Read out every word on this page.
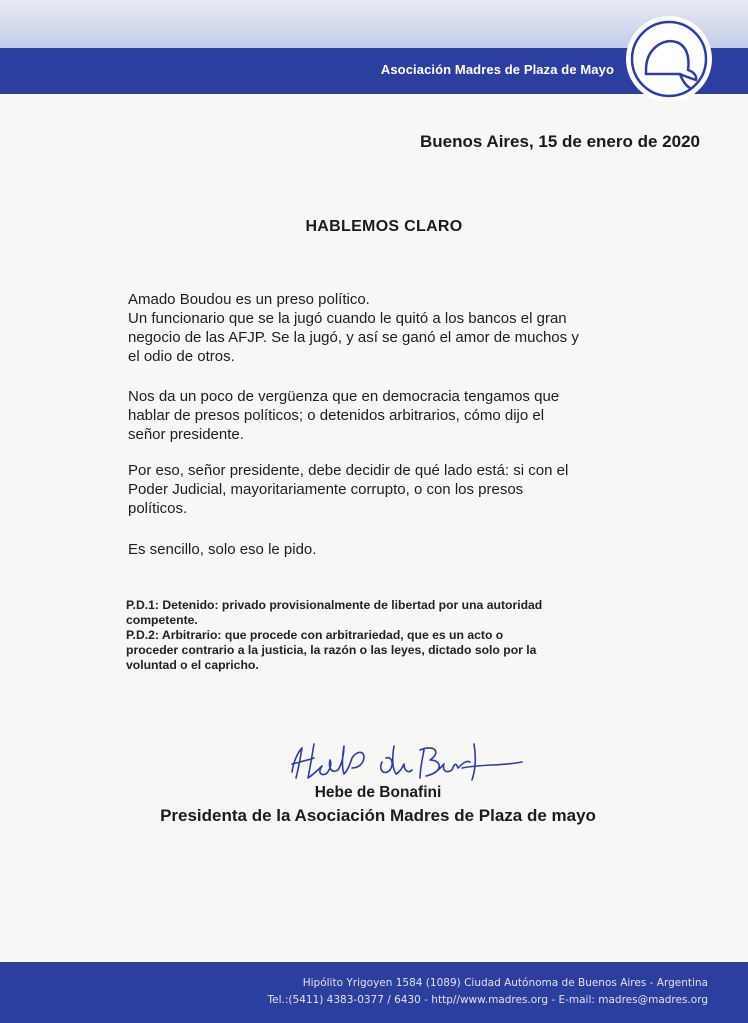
Asociación Madres de Plaza de Mayo
Buenos Aires, 15 de enero de 2020
HABLEMOS CLARO
Amado Boudou es un preso político.
Un funcionario que se la jugó cuando le quitó a los bancos el gran
negocio de las AFJP. Se la jugó, y así se ganó el amor de muchos y
el odio de otros.
Nos da un poco de vergüenza que en democracia tengamos que
hablar de presos políticos; o detenidos arbitrarios, cómo dijo el
señor presidente.
Por eso, señor presidente, debe decidir de qué lado está: si con el
Poder Judicial, mayoritariamente corrupto, o con los presos
políticos.
Es sencillo, solo eso le pido.
P.D.1: Detenido: privado provisionalmente de libertad por una autoridad
competente.
P.D.2: Arbitrario: que procede con arbitrariedad, que es un acto o
proceder contrario a la justicia, la razón o las leyes, dictado solo por la
voluntad o el capricho.
Hebe de Bonafini
Presidenta de la Asociación Madres de Plaza de mayo
Hipólito Yrigoyen 1584 (1089) Ciudad Autónoma de Buenos Aires - Argentina
Tel.:(5411) 4383-0377 / 6430 - http//www.madres.org - E-mail: madres@madres.org
